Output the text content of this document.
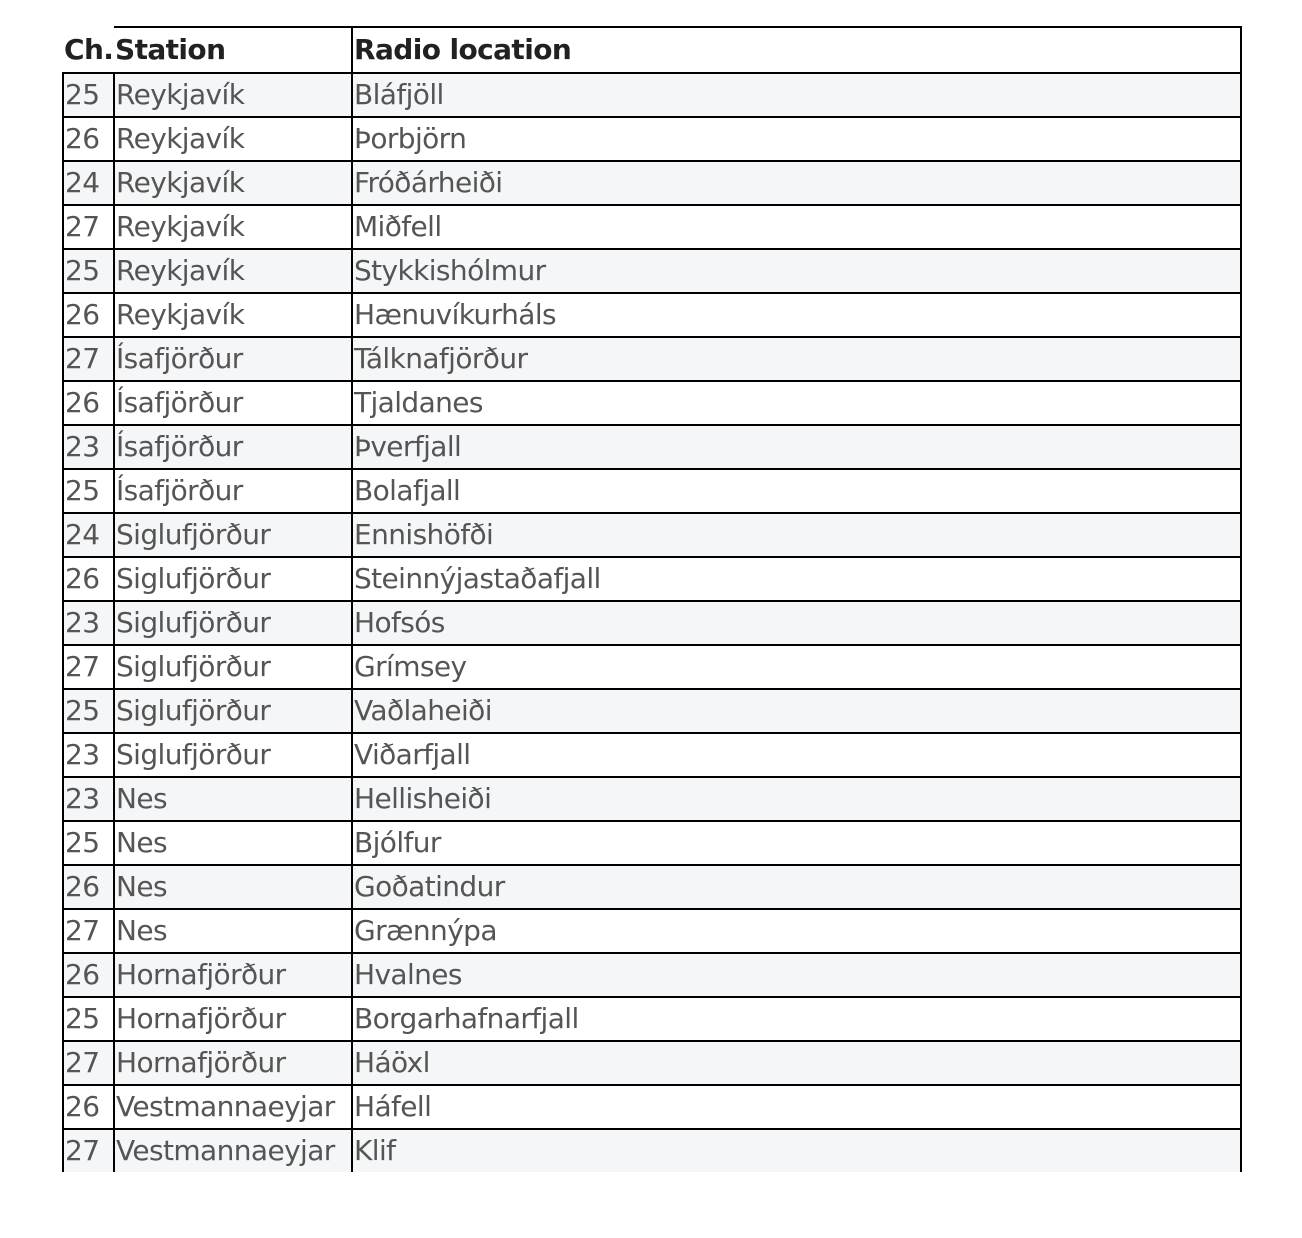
Ch.	Station	Radio location
25	Reykjavík	Bláfjöll
26	Reykjavík	Þorbjörn
24	Reykjavík	Fróðárheiði
27	Reykjavík	Miðfell
25	Reykjavík	Stykkishólmur
26	Reykjavík	Hænuvíkurháls
27	Ísafjörður	Tálknafjörður
26	Ísafjörður	Tjaldanes
23	Ísafjörður	Þverfjall
25	Ísafjörður	Bolafjall
24	Siglufjörður	Ennishöfði
26	Siglufjörður	Steinnýjastaðafjall
23	Siglufjörður	Hofsós
27	Siglufjörður	Grímsey
25	Siglufjörður	Vaðlaheiði
23	Siglufjörður	Viðarfjall
23	Nes	Hellisheiði
25	Nes	Bjólfur
26	Nes	Goðatindur
27	Nes	Grænnýpa
26	Hornafjörður	Hvalnes
25	Hornafjörður	Borgarhafnarfjall
27	Hornafjörður	Háöxl
26	Vestmannaeyjar	Háfell
27	Vestmannaeyjar	Klif
